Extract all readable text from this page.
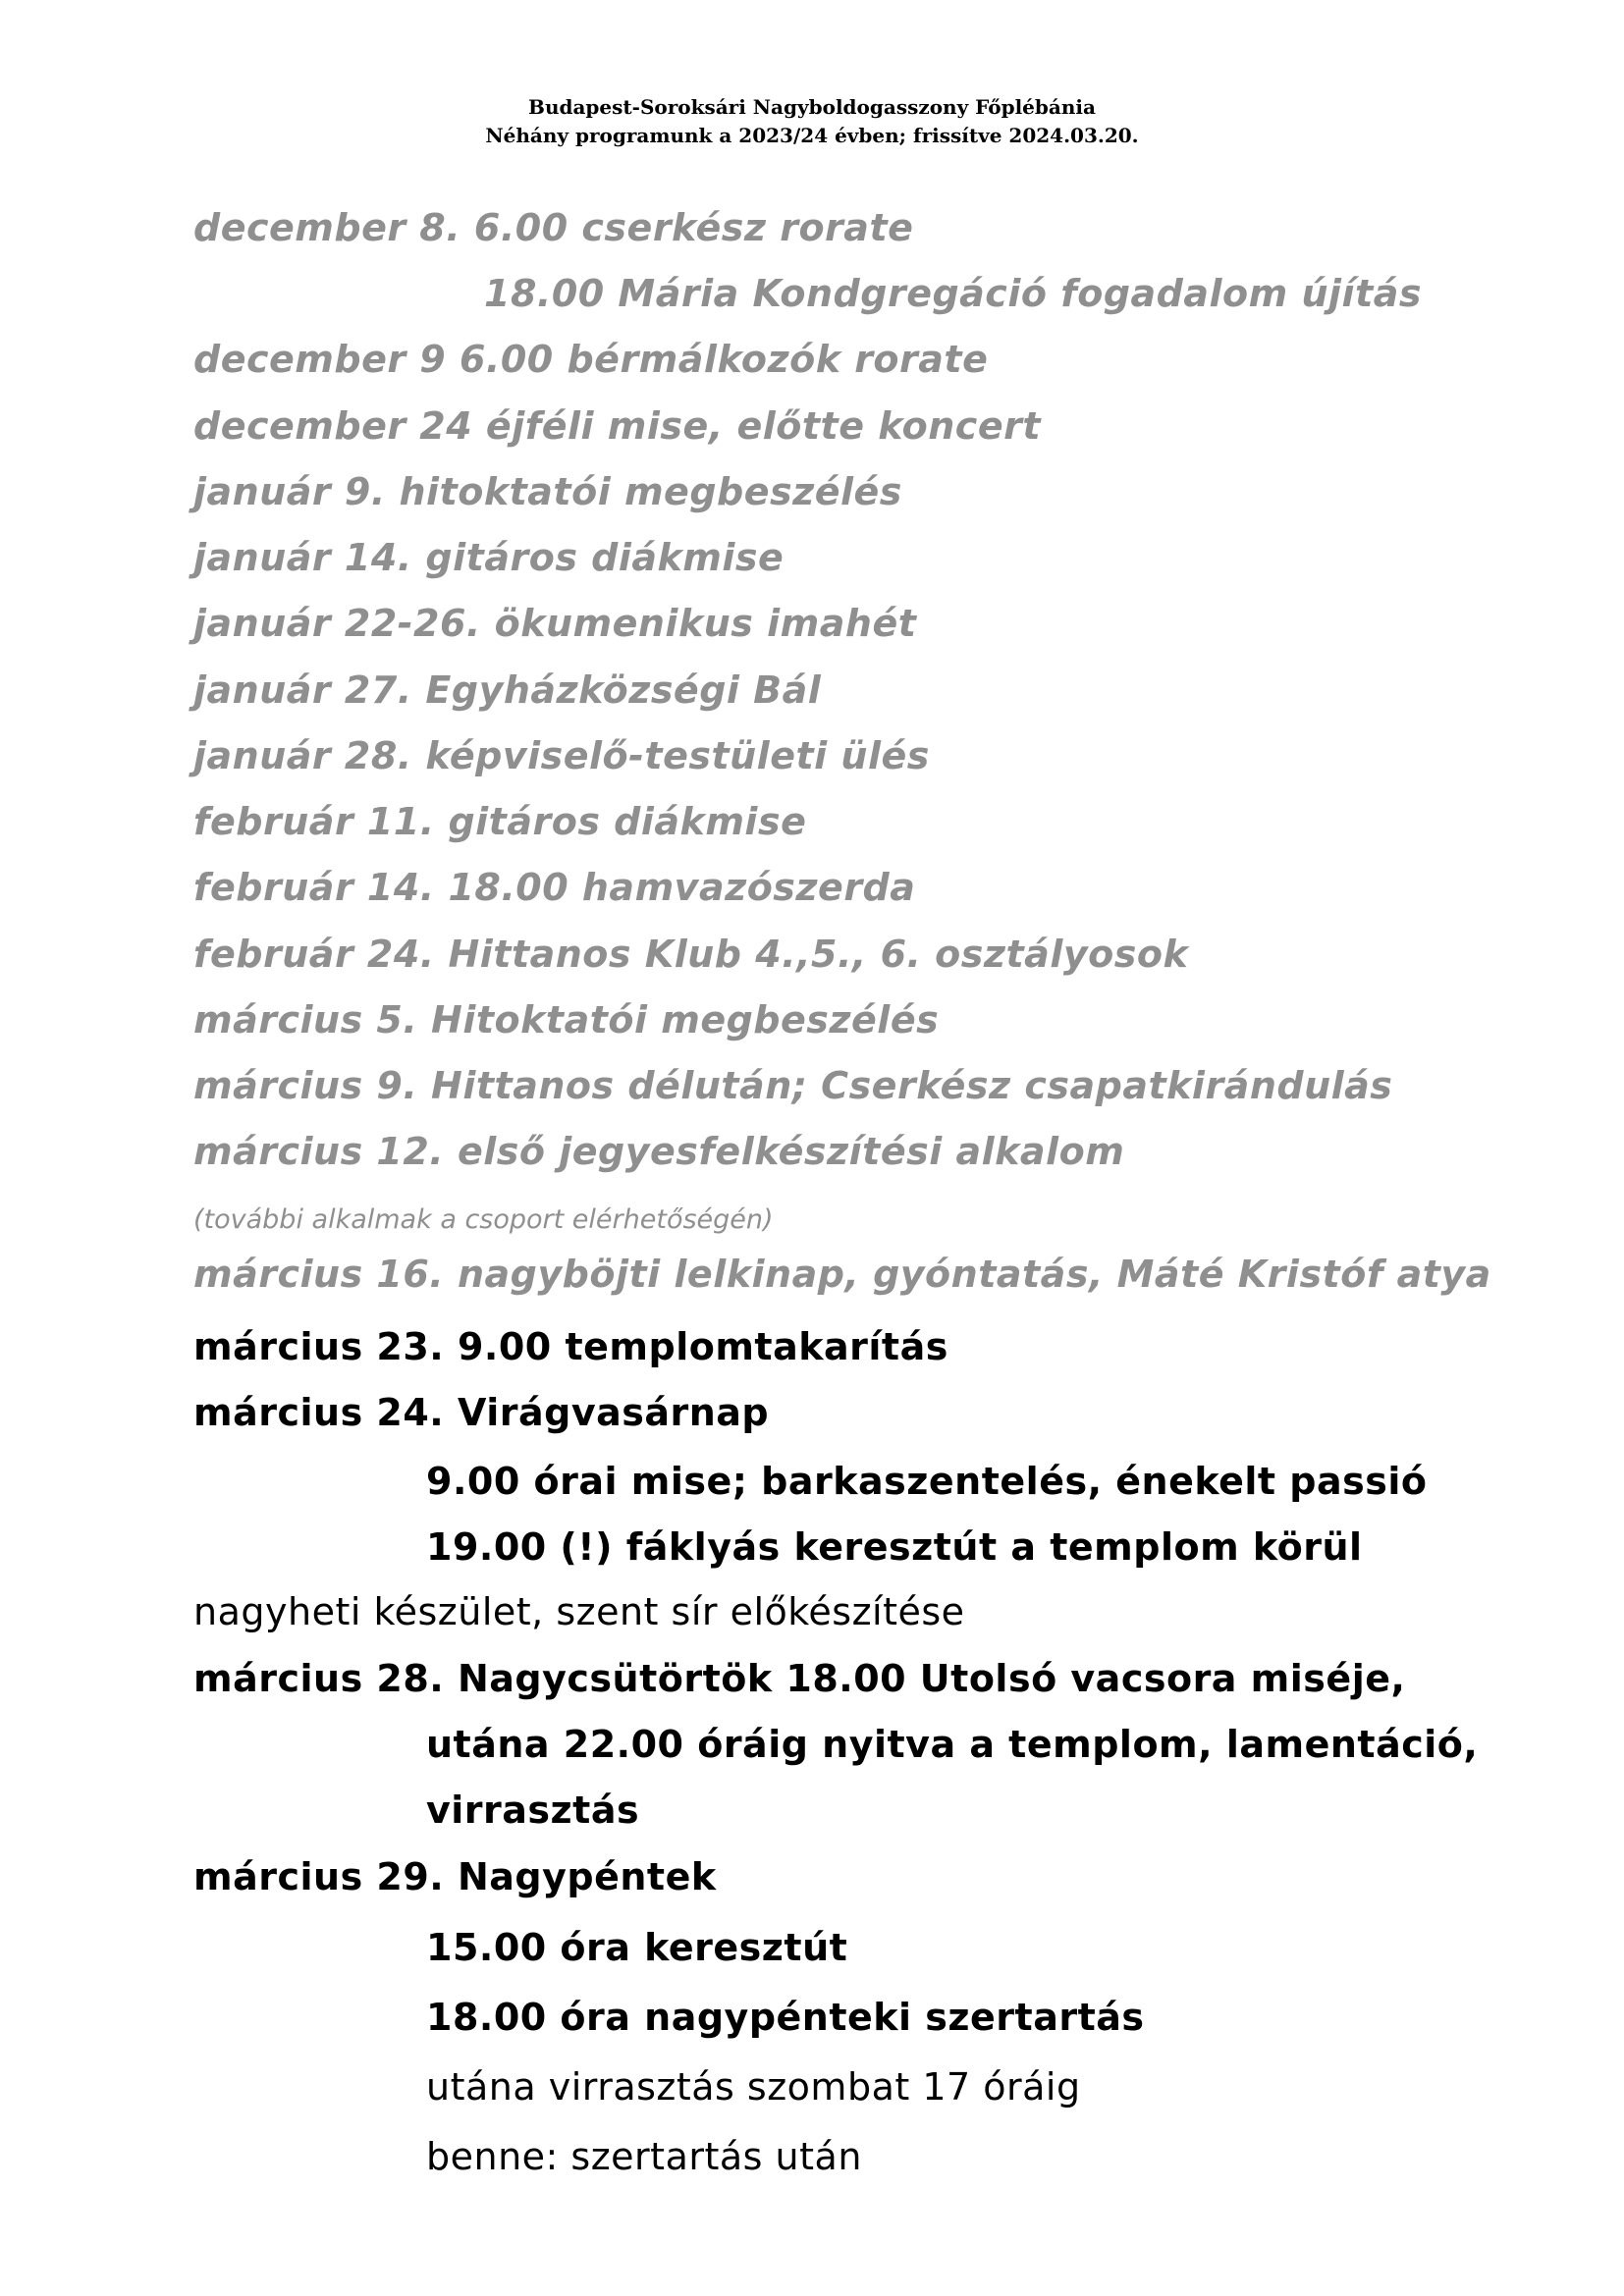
Budapest-Soroksári Nagyboldogasszony Főplébánia
Néhány programunk a 2023/24 évben; frissítve 2024.03.20.
december 8. 6.00 cserkész rorate
18.00 Mária Kondgregáció fogadalom újítás
december 9 6.00 bérmálkozók rorate
december 24 éjféli mise, előtte koncert
január 9. hitoktatói megbeszélés
január 14. gitáros diákmise
január 22-26. ökumenikus imahét
január 27. Egyházközségi Bál
január 28. képviselő-testületi ülés
február 11. gitáros diákmise
február 14. 18.00 hamvazószerda
február 24. Hittanos Klub 4.,5., 6. osztályosok
március 5. Hitoktatói megbeszélés
március 9. Hittanos délután; Cserkész csapatkirándulás
március 12. első jegyesfelkészítési alkalom
(további alkalmak a csoport elérhetőségén)
március 16. nagyböjti lelkinap, gyóntatás, Máté Kristóf atya
március 23. 9.00 templomtakarítás
március 24. Virágvasárnap
9.00 órai mise; barkaszentelés, énekelt passió
19.00 (!) fáklyás keresztút a templom körül
nagyheti készület, szent sír előkészítése
március 28. Nagycsütörtök 18.00 Utolsó vacsora miséje,
utána 22.00 óráig nyitva a templom, lamentáció,
virrasztás
március 29. Nagypéntek
15.00 óra keresztút
18.00 óra nagypénteki szertartás
utána virrasztás szombat 17 óráig
benne: szertartás után
